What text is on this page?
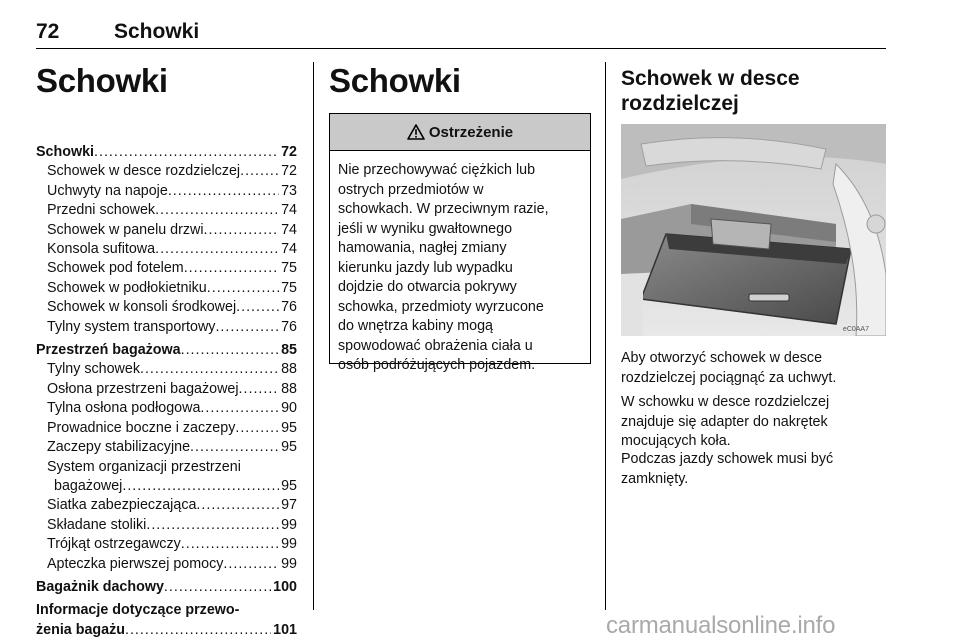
72	Schowki
Schowki
Schowki .....	72
Schowek w desce rozdzielczej .....	72
Uchwyty na napoje .....	73
Przedni schowek .....	74
Schowek w panelu drzwi .....	74
Konsola sufitowa .....	74
Schowek pod fotelem .....	75
Schowek w podłokietniku .....	75
Schowek w konsoli środkowej .....	76
Tylny system transportowy .....	76
Przestrzeń bagażowa .....	85
Tylny schowek .....	88
Osłona przestrzeni bagażowej .....	88
Tylna osłona podłogowa .....	90
Prowadnice boczne i zaczepy .....	95
Zaczepy stabilizacyjne .....	95
System organizacji przestrzeni
bagażowej .....	95
Siatka zabezpieczająca .....	97
Składane stoliki .....	99
Trójkąt ostrzegawczy .....	99
Apteczka pierwszej pomocy .....	99
Bagażnik dachowy .....	100
Informacje dotyczące przewo-
żenia bagażu .....	101
Schowki
Ostrzeżenie
Nie przechowywać ciężkich lub
ostrych przedmiotów w
schowkach. W przeciwnym razie,
jeśli w wyniku gwałtownego
hamowania, nagłej zmiany
kierunku jazdy lub wypadku
dojdzie do otwarcia pokrywy
schowka, przedmioty wyrzucone
do wnętrza kabiny mogą
spowodować obrażenia ciała u
osób podróżujących pojazdem.
Schowek w desce
rozdzielczej
eC0AA7

Aby otworzyć schowek w desce
rozdzielczej pociągnąć za uchwyt.

W schowku w desce rozdzielczej
znajduje się adapter do nakrętek
mocujących koła.

Podczas jazdy schowek musi być
zamknięty.

carmanualsonline.info
